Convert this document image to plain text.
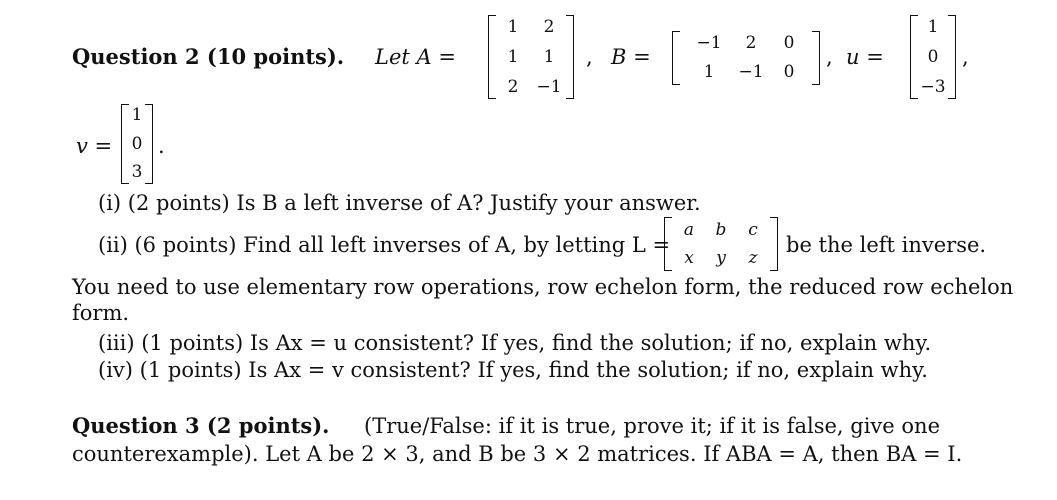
Question 2 (10 points). Let A =
1	2
1	1
2	−1
, B =
−1	2	0
1	−1	0
, u =
1
0
−3
,
v =
1
0
3
.
(i) (2 points) Is B a left inverse of A? Justify your answer.
(ii) (6 points) Find all left inverses of A, by letting L =
a	b	c
x	y	z
be the left inverse.
You need to use elementary row operations, row echelon form, the reduced row echelon
form.
(iii) (1 points) Is Ax = u consistent? If yes, find the solution; if no, explain why.
(iv) (1 points) Is Ax = v consistent? If yes, find the solution; if no, explain why.
Question 3 (2 points). (True/False: if it is true, prove it; if it is false, give one
counterexample). Let A be 2 × 3, and B be 3 × 2 matrices. If ABA = A, then BA = I.
